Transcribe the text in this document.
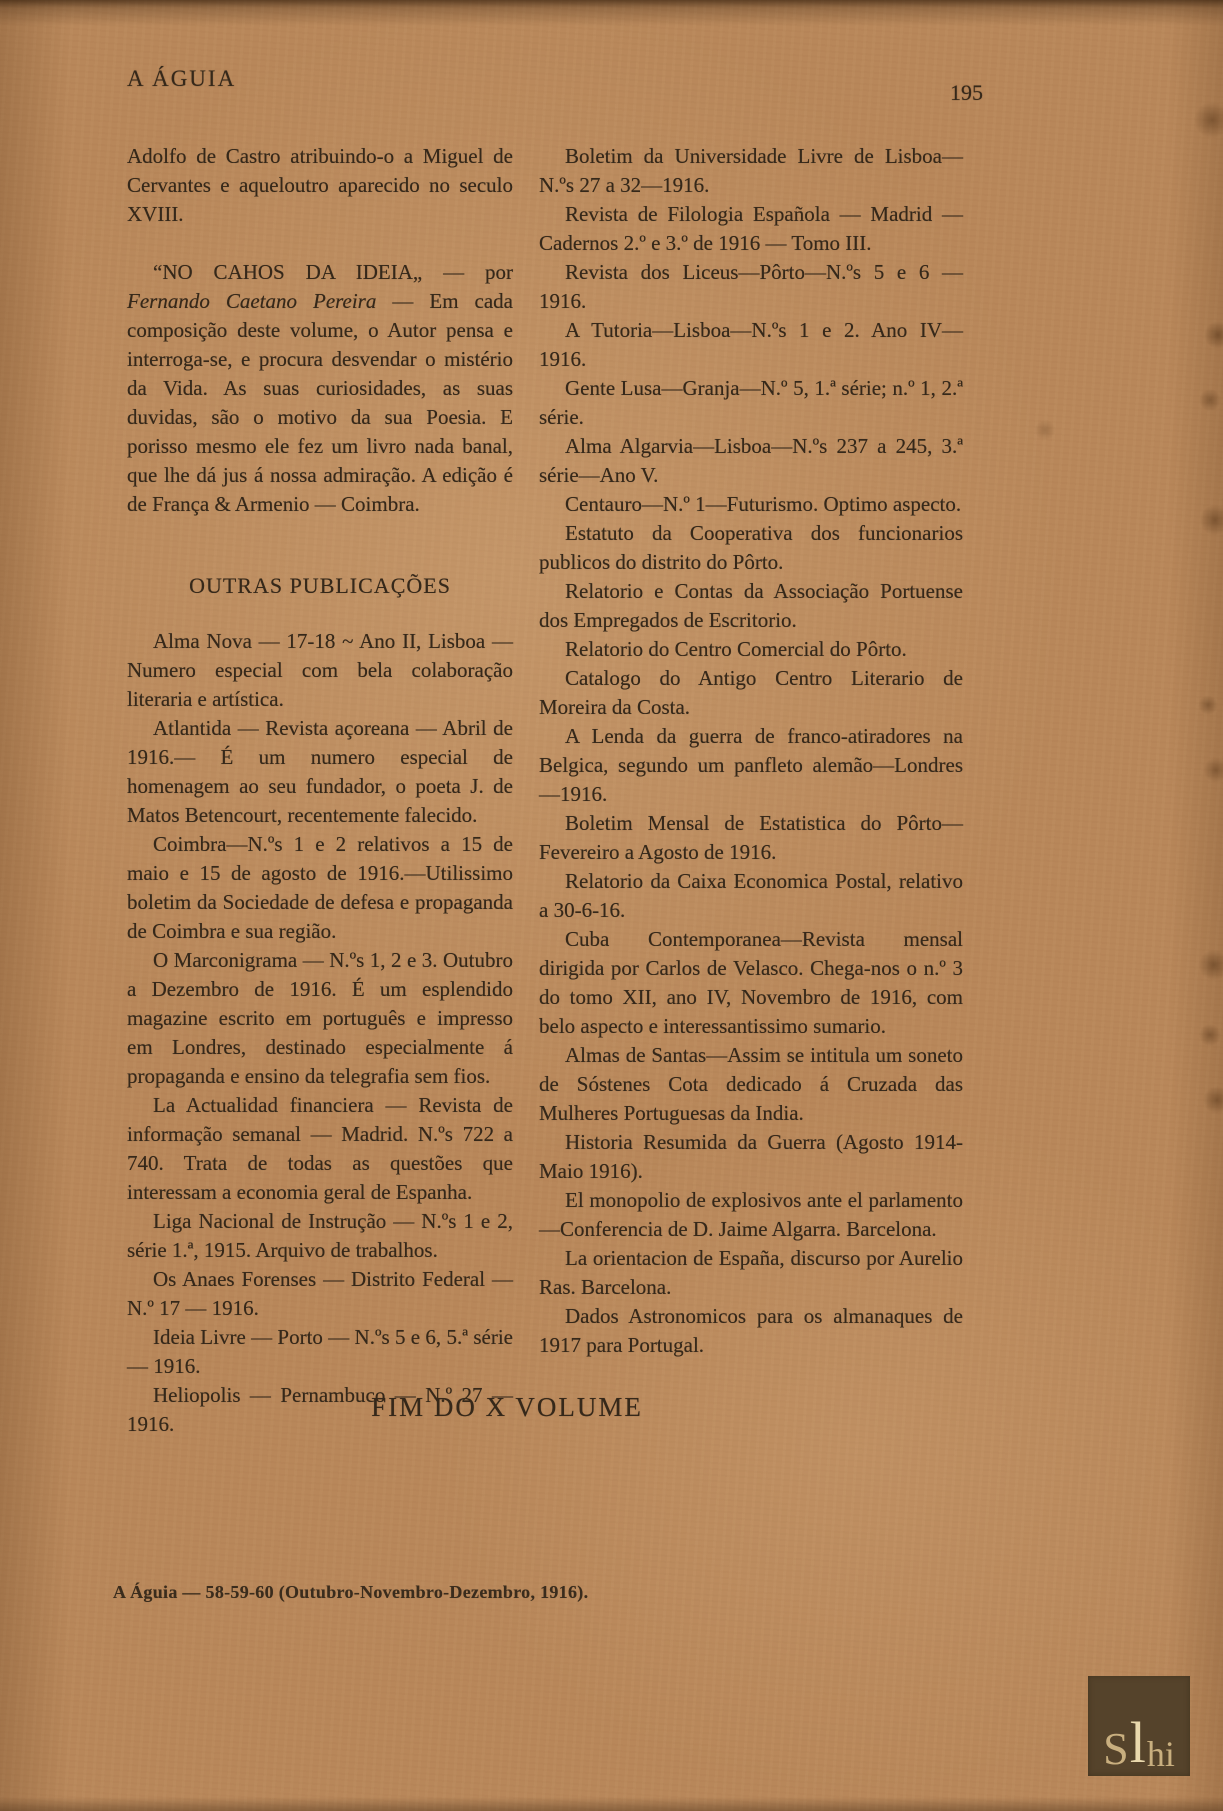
A ÁGUIA
195

Adolfo de Castro atribuindo-o a Miguel de Cervantes e aqueloutro aparecido no seculo XVIII.

“NO CAHOS DA IDEIA„ — por Fernando Caetano Pereira — Em cada composição deste volume, o Autor pensa e interroga-se, e procura desvendar o mistério da Vida. As suas curiosidades, as suas duvidas, são o motivo da sua Poesia. E porisso mesmo ele fez um livro nada banal, que lhe dá jus á nossa admiração. A edição é de França & Armenio — Coimbra.

OUTRAS PUBLICAÇÕES

Alma Nova — 17-18 ~ Ano II, Lisboa — Numero especial com bela colaboração literaria e artística.

Atlantida — Revista açoreana — Abril de 1916.— É um numero especial de homenagem ao seu fundador, o poeta J. de Matos Betencourt, recentemente falecido.

Coimbra—N.ºs 1 e 2 relativos a 15 de maio e 15 de agosto de 1916.—Utilissimo boletim da Sociedade de defesa e propaganda de Coimbra e sua região.

O Marconigrama — N.ºs 1, 2 e 3. Outubro a Dezembro de 1916. É um esplendido magazine escrito em português e impresso em Londres, destinado especialmente á propaganda e ensino da telegrafia sem fios.

La Actualidad financiera — Revista de informação semanal — Madrid. N.ºs 722 a 740. Trata de todas as questões que interessam a economia geral de Espanha.

Liga Nacional de Instrução — N.ºs 1 e 2, série 1.ª, 1915. Arquivo de trabalhos.

Os Anaes Forenses — Distrito Federal — N.º 17 — 1916.

Ideia Livre — Porto — N.ºs 5 e 6, 5.ª série — 1916.

Heliopolis — Pernambuco — N.º 27 — 1916.

Boletim da Universidade Livre de Lisboa—N.ºs 27 a 32—1916.

Revista de Filologia Española — Madrid — Cadernos 2.º e 3.º de 1916 — Tomo III.

Revista dos Liceus—Pôrto—N.ºs 5 e 6 —1916.

A Tutoria—Lisboa—N.ºs 1 e 2. Ano IV—1916.

Gente Lusa—Granja—N.º 5, 1.ª série; n.º 1, 2.ª série.

Alma Algarvia—Lisboa—N.ºs 237 a 245, 3.ª série—Ano V.

Centauro—N.º 1—Futurismo. Optimo aspecto.

Estatuto da Cooperativa dos funcionarios publicos do distrito do Pôrto.

Relatorio e Contas da Associação Portuense dos Empregados de Escritorio.

Relatorio do Centro Comercial do Pôrto.

Catalogo do Antigo Centro Literario de Moreira da Costa.

A Lenda da guerra de franco-atiradores na Belgica, segundo um panfleto alemão—Londres—1916.

Boletim Mensal de Estatistica do Pôrto—Fevereiro a Agosto de 1916.

Relatorio da Caixa Economica Postal, relativo a 30-6-16.

Cuba Contemporanea—Revista mensal dirigida por Carlos de Velasco. Chega-nos o n.º 3 do tomo XII, ano IV, Novembro de 1916, com belo aspecto e interessantissimo sumario.

Almas de Santas—Assim se intitula um soneto de Sóstenes Cota dedicado á Cruzada das Mulheres Portuguesas da India.

Historia Resumida da Guerra (Agosto 1914-Maio 1916).

El monopolio de explosivos ante el parlamento—Conferencia de D. Jaime Algarra. Barcelona.

La orientacion de España, discurso por Aurelio Ras. Barcelona.

Dados Astronomicos para os almanaques de 1917 para Portugal.

FIM DO X VOLUME
A Águia — 58-59-60 (Outubro-Novembro-Dezembro, 1916).
S l hi
